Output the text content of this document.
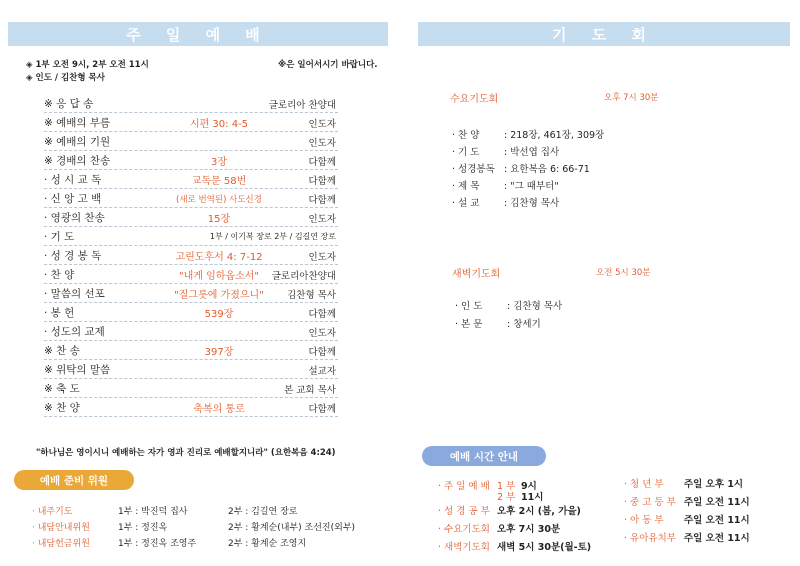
주 일 예 배
◈ 1부 오전 9시, 2부 오전 11시	※은 일어서시기 바랍니다.
◈ 인도 / 김찬형 목사
※ 응 답 송	글로리아 찬양대
※ 예배의 부름	시편 30: 4-5	인도자
※ 예배의 기원	인도자
※ 경배의 찬송	3장	다함께
· 성 시 교 독	교독문 58번	다함께
· 신 앙 고 백	(새로 번역된) 사도신경	다함께
· 영광의 찬송	15장	인도자
· 기 도	1부 / 이기복 장로 2부 / 김길연 장로
· 성 경 봉 독	고린도후서 4: 7-12	인도자
· 찬 양	"내게 임하옵소서"	글로리아찬양대
· 말씀의 선포	"질그릇에 가졌으니"	김찬형 목사
· 봉 헌	539장	다함께
· 성도의 교제	인도자
※ 찬 송	397장	다함께
※ 위탁의 말씀	설교자
※ 축 도	본 교회 목사
※ 찬 양	축복의 통로	다함께
"하나님은 영이시니 예배하는 자가 영과 진리로 예배할지니라" (요한복음 4:24)
예배 준비 위원
· 내주기도	1부 : 박진덕 집사	2부 : 김길연 장로
· 내담안내위원	1부 : 정진옥	2부 : 황계순(내부) 조선진(외부)
· 내담헌금위원	1부 : 정진옥 조영주	2부 : 황계순 조영지
기 도 회
수요기도회	오후 7시 30분
· 찬 양	: 218장, 461장, 309장
· 기 도	: 박선엽 집사
· 성경봉독 : 요한복음 6: 66-71
· 제 목	: "그 때부터"
· 설 교	: 김찬형 목사
새벽기도회	오전 5시 30분
· 인 도	: 김찬형 목사
· 본 문	: 창세기
예배 시간 안내
· 주 일 예 배 1 부 9시
2 부 11시
· 성 경 공 부 오후 2시 (봄, 가을)
· 수요기도회 오후 7시 30분
· 새벽기도회 새벽 5시 30분(월-토)
· 청 년 부 주일 오후 1시
· 중 고 등 부 주일 오전 11시
· 아 동 부 주일 오전 11시
· 유아유치부 주일 오전 11시
